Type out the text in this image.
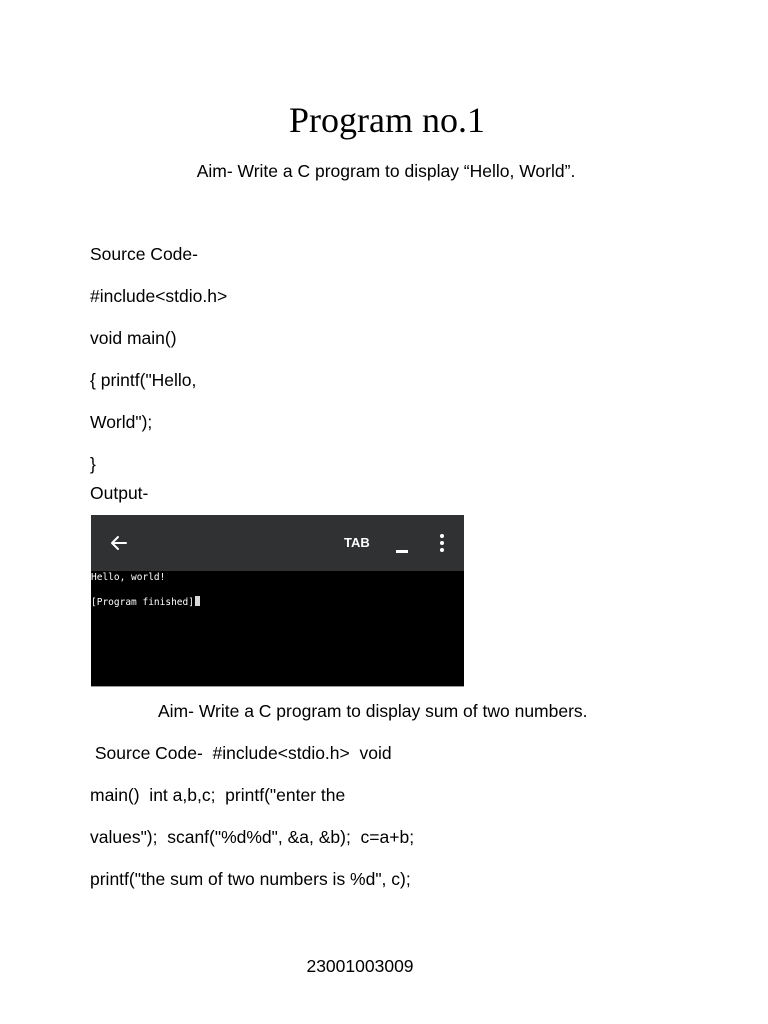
Program no.1
Aim- Write a C program to display “Hello, World”.
Source Code-
#include<stdio.h>
void main()
{ printf("Hello,
World");
}
Output-
TAB
Hello, world!
[Program finished]
Aim- Write a C program to display sum of two numbers.
Source Code-  #include<stdio.h>  void
main()  int a,b,c;  printf("enter the
values");  scanf("%d%d", &a, &b);  c=a+b;
printf("the sum of two numbers is %d", c);
23001003009
